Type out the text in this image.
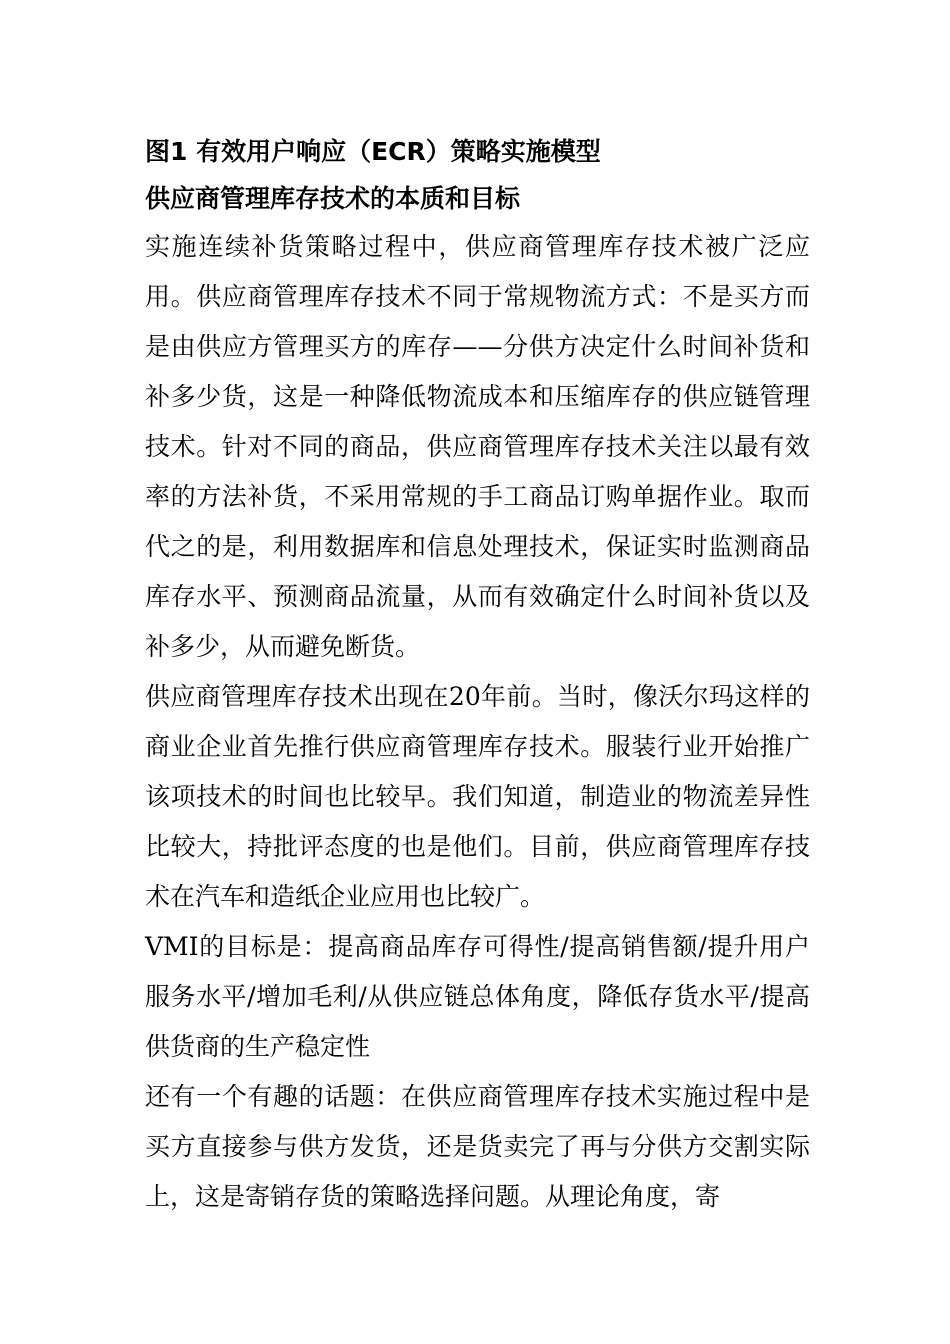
图1 有效用户响应（ECR）策略实施模型

供应商管理库存技术的本质和目标

实施连续补货策略过程中，供应商管理库存技术被广泛应用。供应商管理库存技术不同于常规物流方式：不是买方而是由供应方管理买方的库存——分供方决定什么时间补货和补多少货，这是一种降低物流成本和压缩库存的供应链管理技术。针对不同的商品，供应商管理库存技术关注以最有效率的方法补货，不采用常规的手工商品订购单据作业。取而代之的是，利用数据库和信息处理技术，保证实时监测商品库存水平、预测商品流量，从而有效确定什么时间补货以及补多少，从而避免断货。

供应商管理库存技术出现在20年前。当时，像沃尔玛这样的商业企业首先推行供应商管理库存技术。服装行业开始推广该项技术的时间也比较早。我们知道，制造业的物流差异性比较大，持批评态度的也是他们。目前，供应商管理库存技术在汽车和造纸企业应用也比较广。

VMI的目标是：提高商品库存可得性/提高销售额/提升用户服务水平/增加毛利/从供应链总体角度，降低存货水平/提高供货商的生产稳定性

还有一个有趣的话题：在供应商管理库存技术实施过程中是买方直接参与供方发货，还是货卖完了再与分供方交割实际上，这是寄销存货的策略选择问题。从理论角度，寄
